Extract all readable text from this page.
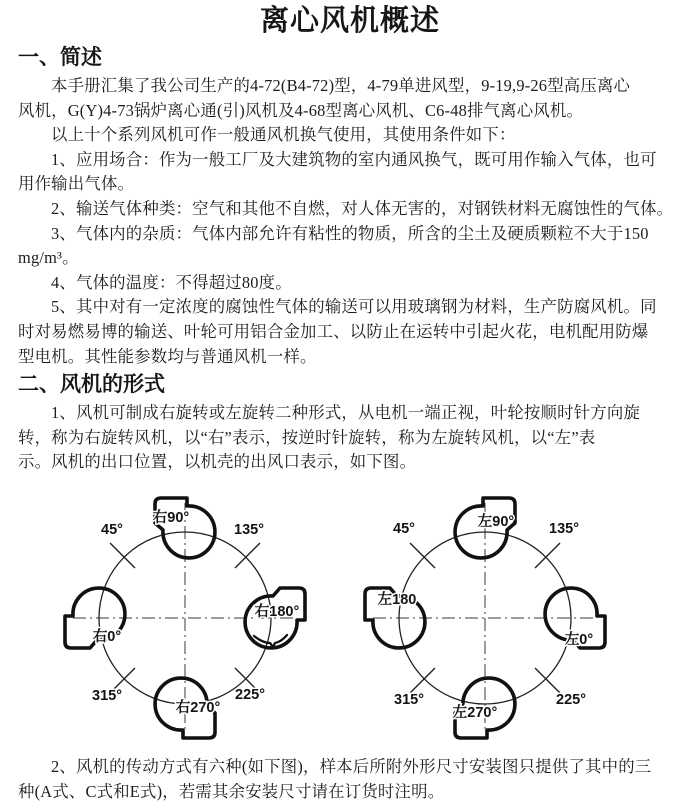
离心风机概述
一、简述
本手册汇集了我公司生产的4-72(B4-72)型，4-79单进风型，9-19,9-26型高压离心
风机，G(Y)4-73锅炉离心通(引)风机及4-68型离心风机、C6-48排气离心风机。
以上十个系列风机可作一般通风机换气使用，其使用条件如下：
1、应用场合：作为一般工厂及大建筑物的室内通风换气，既可用作输入气体，也可
用作输出气体。
2、输送气体种类：空气和其他不自燃，对人体无害的，对钢铁材料无腐蚀性的气体。
3、气体内的杂质：气体内部允许有粘性的物质，所含的尘土及硬质颗粒不大于150
mg/m³。
4、气体的温度：不得超过80度。
5、其中对有一定浓度的腐蚀性气体的输送可以用玻璃钢为材料，生产防腐风机。同
时对易燃易博的输送、叶轮可用铝合金加工、以防止在运转中引起火花，电机配用防爆
型电机。其性能参数均与普通风机一样。
二、风机的形式
1、风机可制成右旋转或左旋转二种形式，从电机一端正视，叶轮按顺时针方向旋
转，称为右旋转风机，以“右”表示，按逆时针旋转，称为左旋转风机，以“左”表
示。风机的出口位置，以机壳的出风口表示，如下图。
45°	135°
315°	225°
右90°
右0°
右180°
右270°
45°	135°
315°	225°
左90°
左180
左0°
左270°
2、风机的传动方式有六种(如下图)，样本后所附外形尺寸安装图只提供了其中的三
种(A式、C式和E式)，若需其余安装尺寸请在订货时注明。
